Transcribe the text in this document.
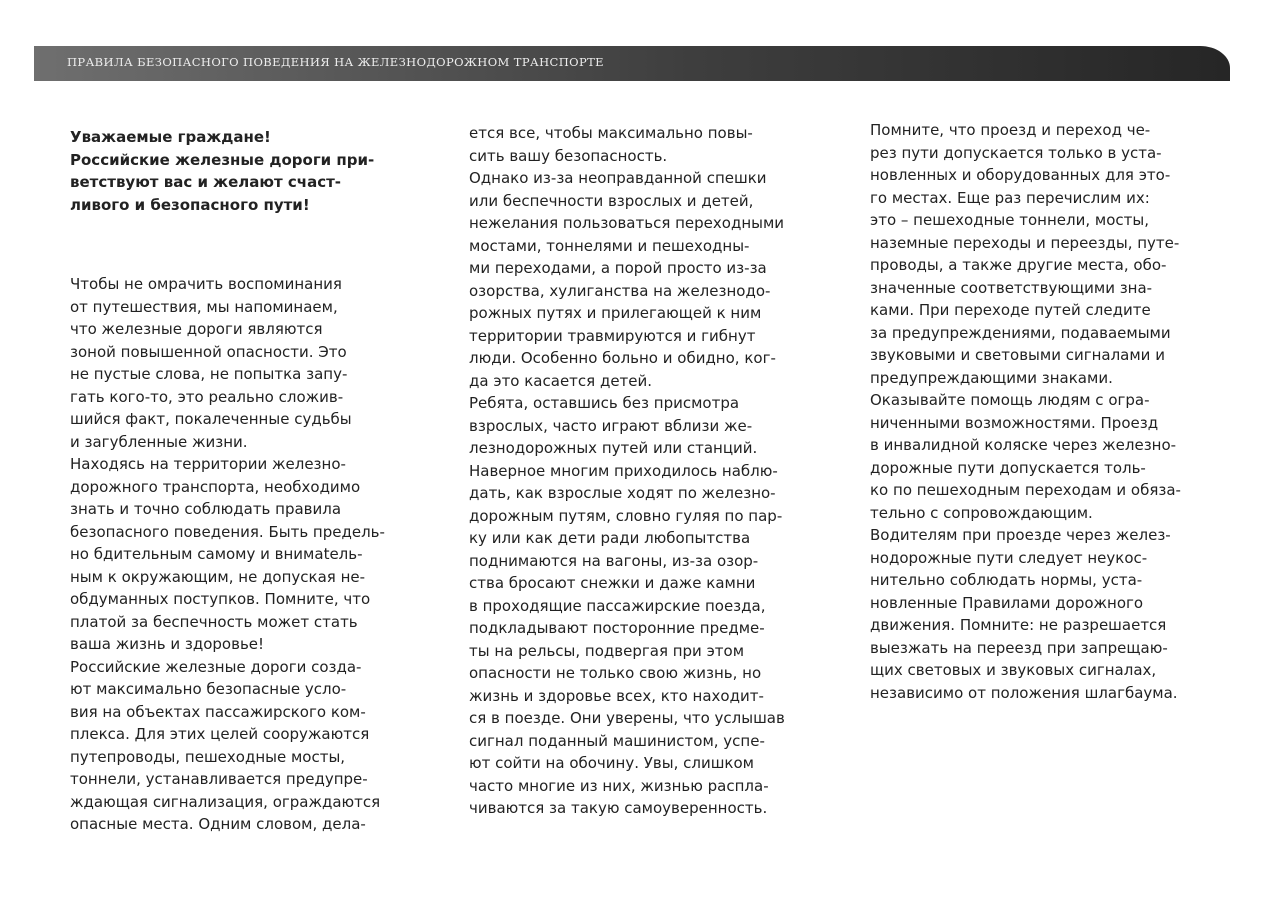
ПРАВИЛА БЕЗОПАСНОГО ПОВЕДЕНИЯ НА ЖЕЛЕЗНОДОРОЖНОМ ТРАНСПОРТЕ

Уважаемые граждане!
Российские железные дороги при-
ветствуют вас и желают счаст-
ливого и безопасного пути!

Чтобы не омрачить воспоминания
от путешествия, мы напоминаем,
что железные дороги являются
зоной повышенной опасности. Это
не пустые слова, не попытка запу-
гать кого-то, это реально сложив-
шийся факт, покалеченные судьбы
и загубленные жизни.

Находясь на территории железно-
дорожного транспорта, необходимо
знать и точно соблюдать правила
безопасного поведения. Быть предель-
но бдительным самому и внимatель-
ным к окружающим, не допуская не-
обдуманных поступков. Помните, что
платой за беспечность может стать
ваша жизнь и здоровье!

Российские железные дороги созда-
ют максимально безопасные усло-
вия на объектах пассажирского ком-
плекса. Для этих целей сооружаются
путепроводы, пешеходные мосты,
тоннели, устанавливается предупре-
ждающая сигнализация, ограждаются
опасные места. Одним словом, дела-

ется все, чтобы максимально повы-
сить вашу безопасность.

Однако из-за неоправданной спешки
или беспечности взрослых и детей,
нежелания пользоваться переходными
мостами, тоннелями и пешеходны-
ми переходами, а порой просто из-за
озорства, хулиганства на железнодо-
рожных путях и прилегающей к ним
территории травмируются и гибнут
люди. Особенно больно и обидно, ког-
да это касается детей.

Ребята, оставшись без присмотра
взрослых, часто играют вблизи же-
лезнодорожных путей или станций.
Наверное многим приходилось наблю-
дать, как взрослые ходят по железно-
дорожным путям, словно гуляя по пар-
ку или как дети ради любопытства
поднимаются на вагоны, из-за озор-
ства бросают снежки и даже камни
в проходящие пассажирские поезда,
подкладывают посторонние предме-
ты на рельсы, подвергая при этом
опасности не только свою жизнь, но
жизнь и здоровье всех, кто находит-
ся в поезде. Они уверены, что услышав
сигнал поданный машинистом, успе-
ют сойти на обочину. Увы, слишком
часто многие из них, жизнью распла-
чиваются за такую самоуверенность.

Помните, что проезд и переход че-
рез пути допускается только в уста-
новленных и оборудованных для это-
го местах. Еще раз перечислим их:
это – пешеходные тоннели, мосты,
наземные переходы и переезды, путе-
проводы, а также другие места, обо-
значенные соответствующими зна-
ками. При переходе путей следите
за предупреждениями, подаваемыми
звуковыми и световыми сигналами и
предупреждающими знаками.

Оказывайте помощь людям с огра-
ниченными возможностями. Проезд
в инвалидной коляске через железно-
дорожные пути допускается толь-
ко по пешеходным переходам и обяза-
тельно с сопровождающим.

Водителям при проезде через желез-
нодорожные пути следует неукос-
нительно соблюдать нормы, уста-
новленные Правилами дорожного
движения. Помните: не разрешается
выезжать на переезд при запрещаю-
щих световых и звуковых сигналах,
независимо от положения шлагбаума.
